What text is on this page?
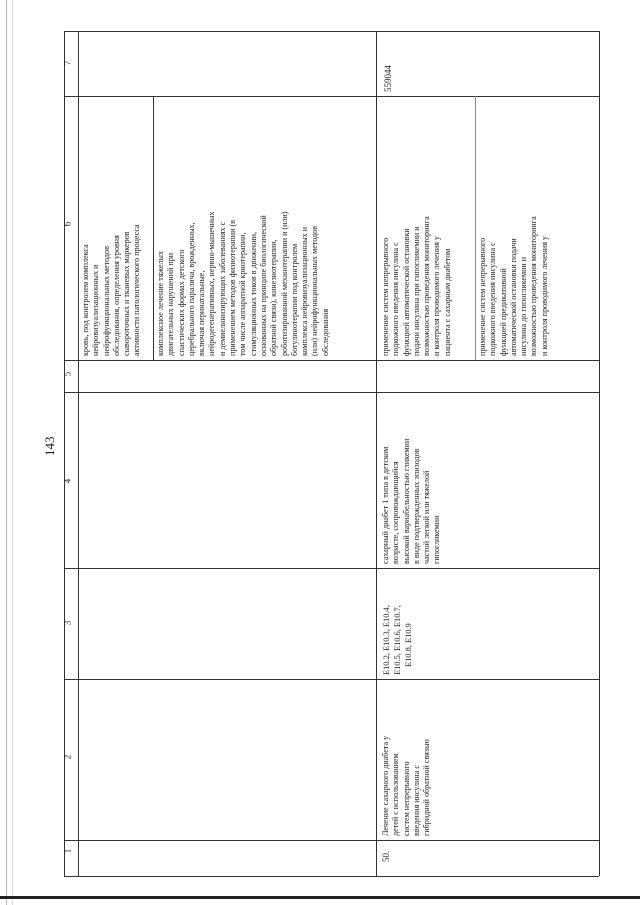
143
1
2
3
4
5
6
7
кровь, под контролем комплекса нейровизуализационных и нейрофункциональных методов обследования, определения уровня сывороточных и тканевых маркеров активности патологического процесса комплексное лечение тяжелых двигательных нарушений при спастических формах детского церебрального паралича, врожденных, включая перинатальные, нейродегенеративных, нервно-мышечных и демиелинизирующих заболеваниях с применением методов физиотерапии (в том числе аппаратной криотерапии, стимуляционных токов в движении, основанных на принципе биологической обратной связи), кинезиотерапии, роботизированной механотерапии и (или) ботулинотерапии под контролем комплекса нейровизуализационных и (или) нейрофункциональных методов обследования
50.
Лечение сахарного диабета у детей с использованием систем непрерывного введения инсулина с гибридной обратной связью
E10.2, E10.3, E10.4, E10.5, E10.6, E10.7, E10.8, E10.9
сахарный диабет 1 типа в детском возрасте, сопровождающийся высокой вариабельностью гликемии в виде подтвержденных эпизодов частой легкой или тяжелой гипогликемии
применение систем непрерывного подкожного введения инсулина с функцией автоматической остановки подачи инсулина при гипогликемии и возможностью проведения мониторинга и контроля проводимого лечения у пациента с сахарным диабетом	применение систем непрерывного подкожного введения инсулина с функцией предикативной автоматической остановки подачи инсулина до гипогликемии и возможностью проведения мониторинга и контроля проводимого лечения у
559044
